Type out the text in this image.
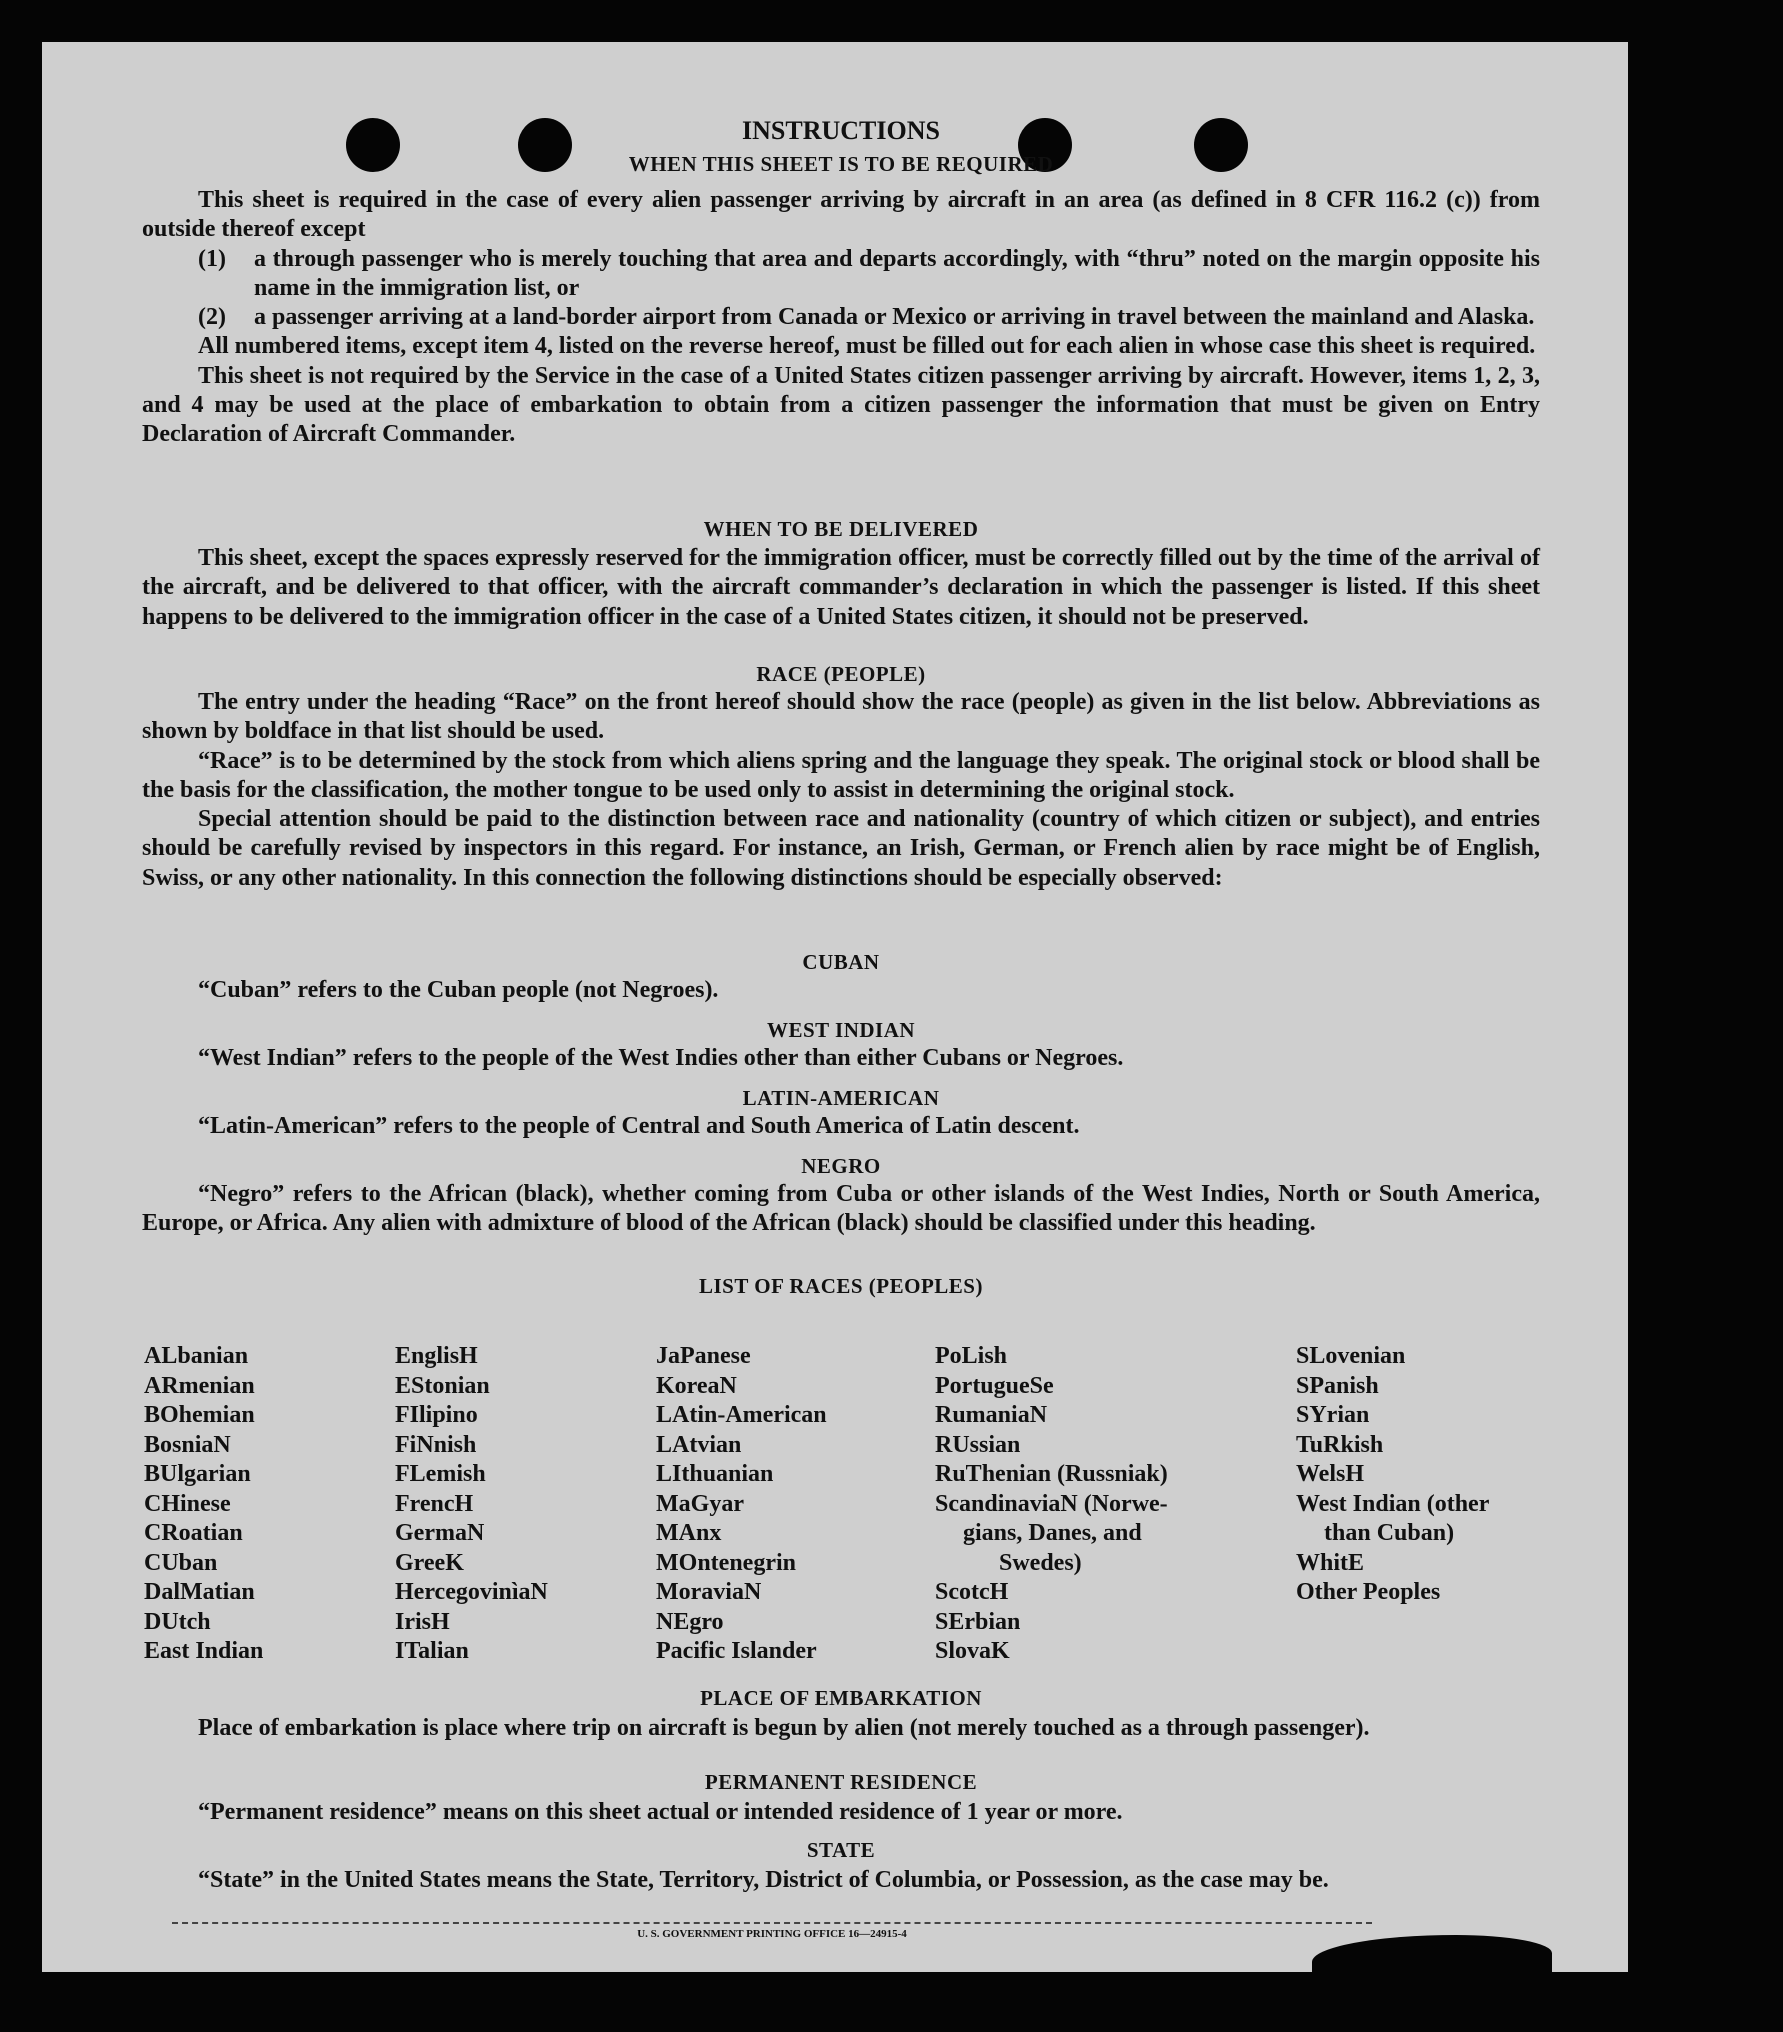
INSTRUCTIONS
WHEN THIS SHEET IS TO BE REQUIRED

This sheet is required in the case of every alien passenger arriving by aircraft in an area (as defined in 8 CFR 116.2 (c)) from outside thereof except

(1)	a through passenger who is merely touching that area and departs accordingly, with “thru” noted on the margin opposite his name in the immigration list, or
(2)	a passenger arriving at a land-border airport from Canada or Mexico or arriving in travel between the mainland and Alaska.

All numbered items, except item 4, listed on the reverse hereof, must be filled out for each alien in whose case this sheet is required.

This sheet is not required by the Service in the case of a United States citizen passenger arriving by aircraft. However, items 1, 2, 3, and 4 may be used at the place of embarkation to obtain from a citizen passenger the information that must be given on Entry Declaration of Aircraft Commander.

WHEN TO BE DELIVERED

This sheet, except the spaces expressly reserved for the immigration officer, must be correctly filled out by the time of the arrival of the aircraft, and be delivered to that officer, with the aircraft commander’s declaration in which the passenger is listed. If this sheet happens to be delivered to the immigration officer in the case of a United States citizen, it should not be preserved.

RACE (PEOPLE)

The entry under the heading “Race” on the front hereof should show the race (people) as given in the list below. Abbreviations as shown by boldface in that list should be used.

“Race” is to be determined by the stock from which aliens spring and the language they speak. The original stock or blood shall be the basis for the classification, the mother tongue to be used only to assist in determining the original stock.

Special attention should be paid to the distinction between race and nationality (country of which citizen or subject), and entries should be carefully revised by inspectors in this regard. For instance, an Irish, German, or French alien by race might be of English, Swiss, or any other nationality. In this connection the following distinctions should be especially observed:

CUBAN

“Cuban” refers to the Cuban people (not Negroes).

WEST INDIAN

“West Indian” refers to the people of the West Indies other than either Cubans or Negroes.

LATIN-AMERICAN

“Latin-American” refers to the people of Central and South America of Latin descent.

NEGRO

“Negro” refers to the African (black), whether coming from Cuba or other islands of the West Indies, North or South America, Europe, or Africa. Any alien with admixture of blood of the African (black) should be classified under this heading.

LIST OF RACES (PEOPLES)
ALbanian
ARmenian
BOhemian
BosniaN
BUlgarian
CHinese
CRoatian
CUban
DalMatian
DUtch
East Indian
EnglisH
EStonian
FIlipino
FiNnish
FLemish
FrencH
GermaN
GreeK
HercegovinìaN
IrisH
ITalian
JaPanese
KoreaN
LAtin-American
LAtvian
LIthuanian
MaGyar
MAnx
MOntenegrin
MoraviaN
NEgro
Pacific Islander
PoLish
PortugueSe
RumaniaN
RUssian
RuThenian (Russniak)
ScandinaviaN (Norwe-
gians, Danes, and
Swedes)
ScotcH
SErbian
SlovaK
SLovenian
SPanish
SYrian
TuRkish
WelsH
West Indian (other
than Cuban)
WhitE
Other Peoples
PLACE OF EMBARKATION

Place of embarkation is place where trip on aircraft is begun by alien (not merely touched as a through passenger).

PERMANENT RESIDENCE

“Permanent residence” means on this sheet actual or intended residence of 1 year or more.

STATE

“State” in the United States means the State, Territory, District of Columbia, or Possession, as the case may be.

U. S. GOVERNMENT PRINTING OFFICE 16—24915-4
